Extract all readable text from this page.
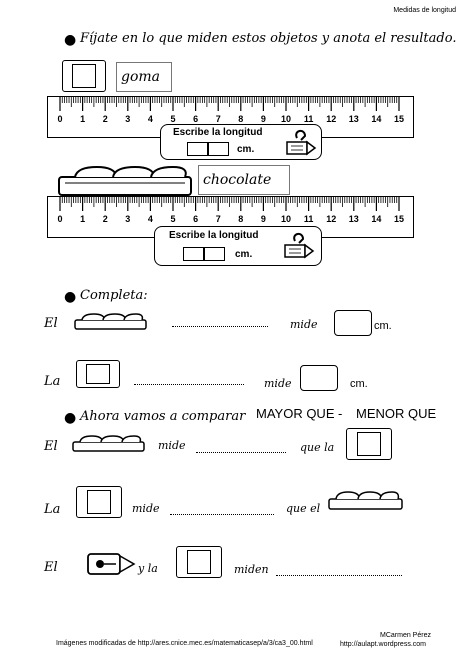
Medidas de longitud
● Fíjate en lo que miden estos objetos y anota el resultado.
goma
0 1 2 3 4 5 6 7 8 9 10 11 12 13 14 15
Escribe la longitud
cm.
chocolate
0 1 2 3 4 5 6 7 8 9 10 11 12 13 14 15
Escribe la longitud
cm.
● Completa:
El	mide	cm.
La	mide	cm.
● Ahora vamos a comparar MAYOR QUE - MENOR QUE
El	mide	que la
La	mide	que el
El	y la	miden
Imágenes modificadas de http://ares.cnice.mec.es/matematicasep/a/3/ca3_00.html
MCarmen Pérez
http://aulapt.wordpress.com
